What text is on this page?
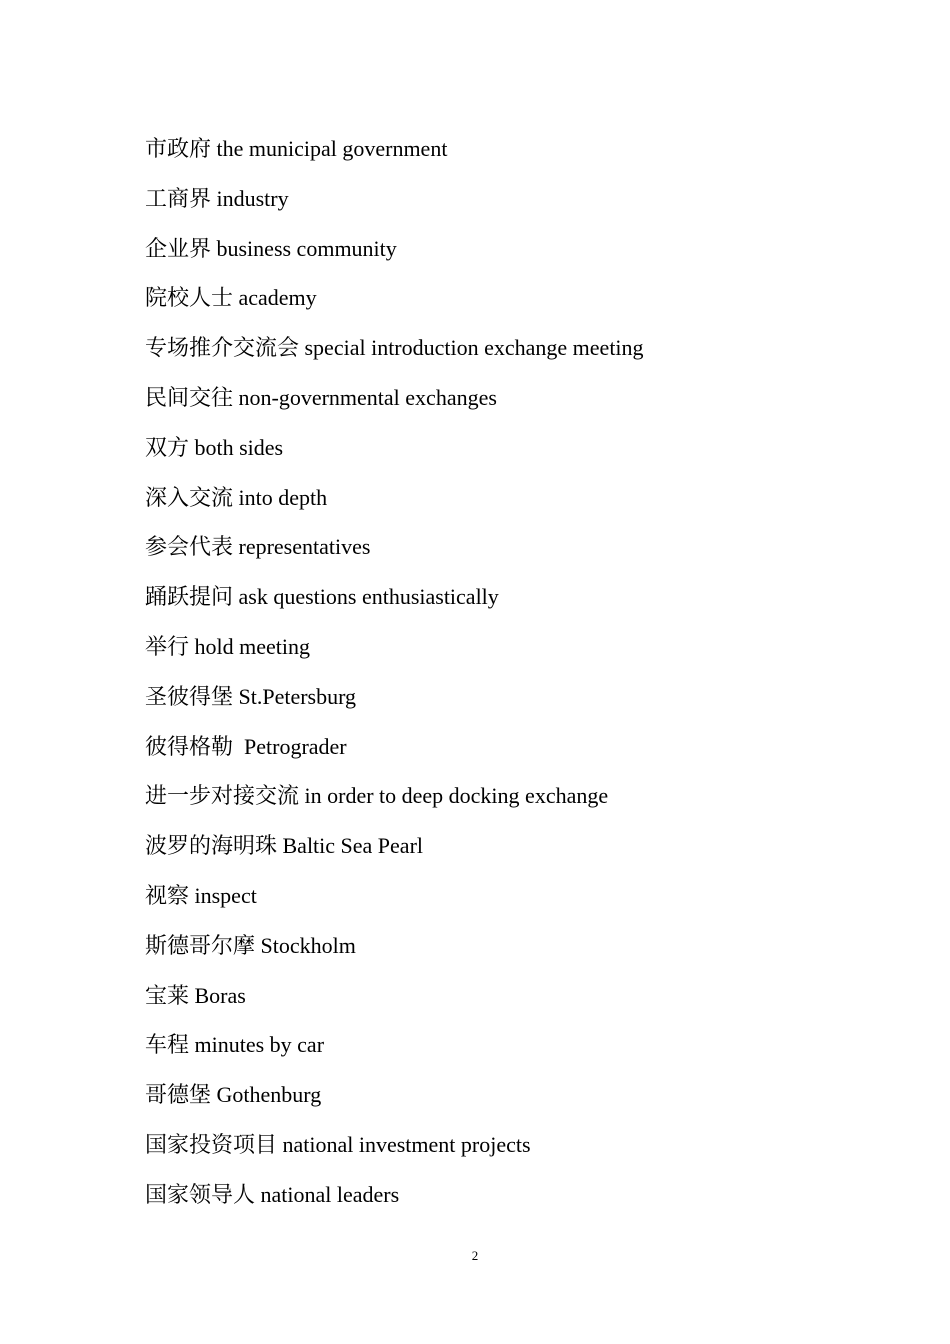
市政府 the municipal government
工商界 industry
企业界 business community
院校人士 academy
专场推介交流会 special introduction exchange meeting
民间交往 non-governmental exchanges
双方 both sides
深入交流 into depth
参会代表 representatives
踊跃提问 ask questions enthusiastically
举行 hold meeting
圣彼得堡 St.Petersburg
彼得格勒  Petrograder
进一步对接交流 in order to deep docking exchange
波罗的海明珠 Baltic Sea Pearl
视察 inspect
斯德哥尔摩 Stockholm
宝莱 Boras
车程 minutes by car
哥德堡 Gothenburg
国家投资项目 national investment projects
国家领导人 national leaders
2
